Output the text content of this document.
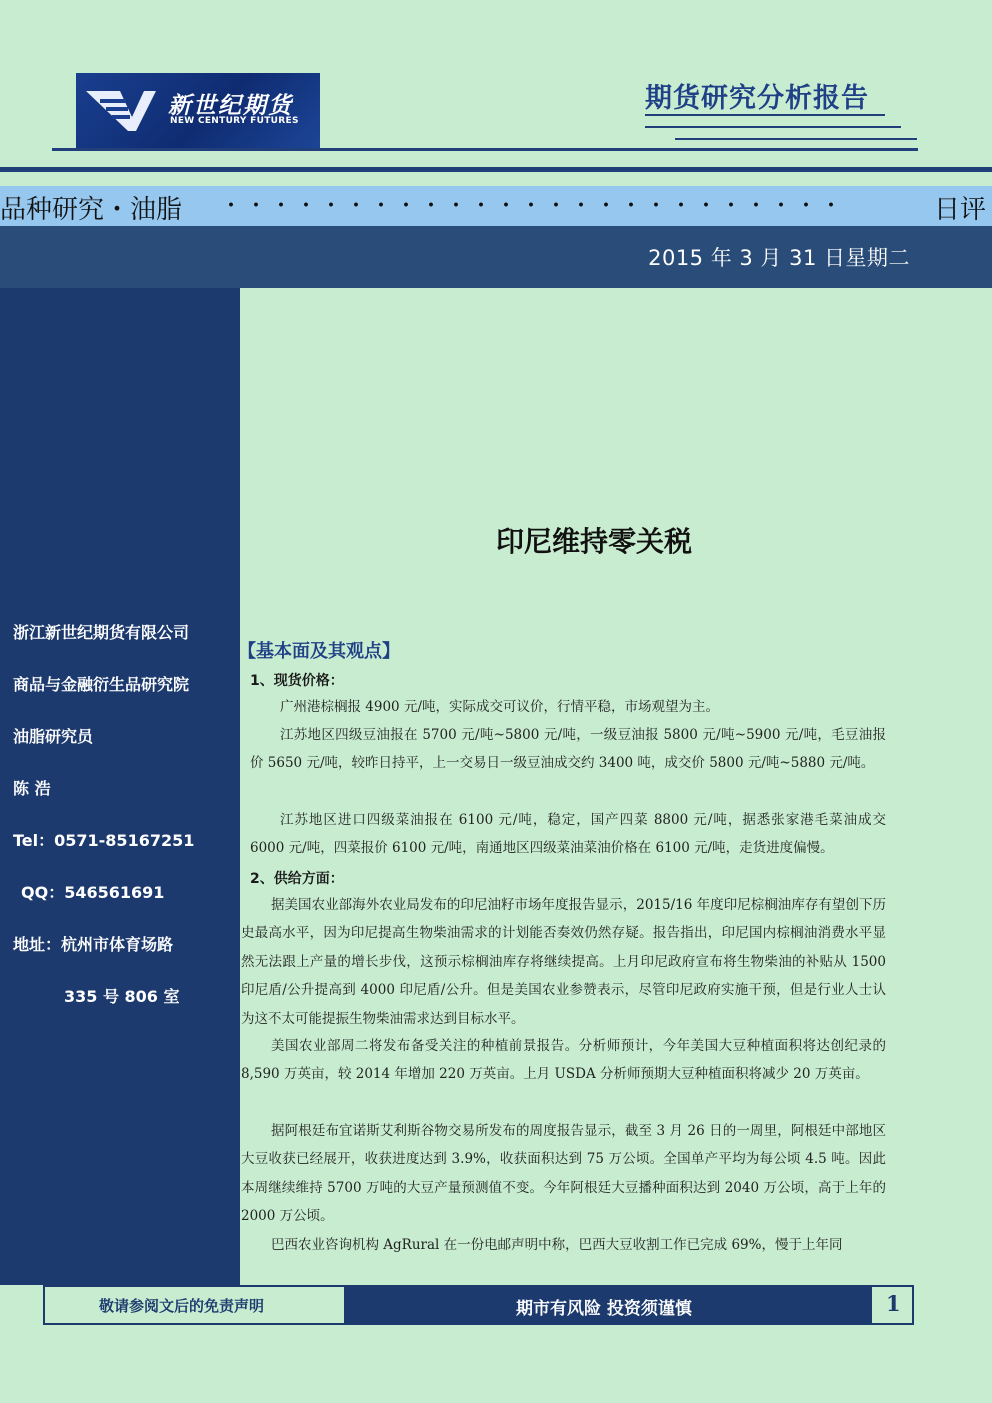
新世纪期货
NEW CENTURY FUTURES
期货研究分析报告
品种研究・油脂 ・・・・・・・・・・・・・・・・・・・・・・・・・	日评
2015 年 3 月 31 日星期二
浙江新世纪期货有限公司
商品与金融衍生品研究院
油脂研究员
陈 浩
Tel：0571-85167251
QQ：546561691
地址：杭州市体育场路
335 号 806 室
印尼维持零关税
【基本面及其观点】
1、现货价格：
广州港棕榈报 4900 元/吨，实际成交可议价，行情平稳，市场观望为主。
江苏地区四级豆油报在 5700 元/吨~5800 元/吨，一级豆油报 5800 元/吨~5900 元/吨，毛豆油报价 5650 元/吨，较昨日持平，上一交易日一级豆油成交约 3400 吨，成交价 5800 元/吨~5880 元/吨。
江苏地区进口四级菜油报在 6100 元/吨，稳定，国产四菜 8800 元/吨，据悉张家港毛菜油成交 6000 元/吨，四菜报价 6100 元/吨，南通地区四级菜油菜油价格在 6100 元/吨，走货进度偏慢。
2、供给方面：
据美国农业部海外农业局发布的印尼油籽市场年度报告显示，2015/16 年度印尼棕榈油库存有望创下历史最高水平，因为印尼提高生物柴油需求的计划能否奏效仍然存疑。报告指出，印尼国内棕榈油消费水平显然无法跟上产量的增长步伐，这预示棕榈油库存将继续提高。上月印尼政府宣布将生物柴油的补贴从 1500 印尼盾/公升提高到 4000 印尼盾/公升。但是美国农业参赞表示，尽管印尼政府实施干预，但是行业人士认为这不太可能提振生物柴油需求达到目标水平。
美国农业部周二将发布备受关注的种植前景报告。分析师预计，今年美国大豆种植面积将达创纪录的 8,590 万英亩，较 2014 年增加 220 万英亩。上月 USDA 分析师预期大豆种植面积将减少 20 万英亩。
据阿根廷布宜诺斯艾利斯谷物交易所发布的周度报告显示，截至 3 月 26 日的一周里，阿根廷中部地区大豆收获已经展开，收获进度达到 3.9%，收获面积达到 75 万公顷。全国单产平均为每公顷 4.5 吨。因此本周继续维持 5700 万吨的大豆产量预测值不变。今年阿根廷大豆播种面积达到 2040 万公顷，高于上年的 2000 万公顷。
巴西农业咨询机构 AgRural 在一份电邮声明中称，巴西大豆收割工作已完成 69%，慢于上年同
敬请参阅文后的免责声明	期市有风险 投资须谨慎	1
